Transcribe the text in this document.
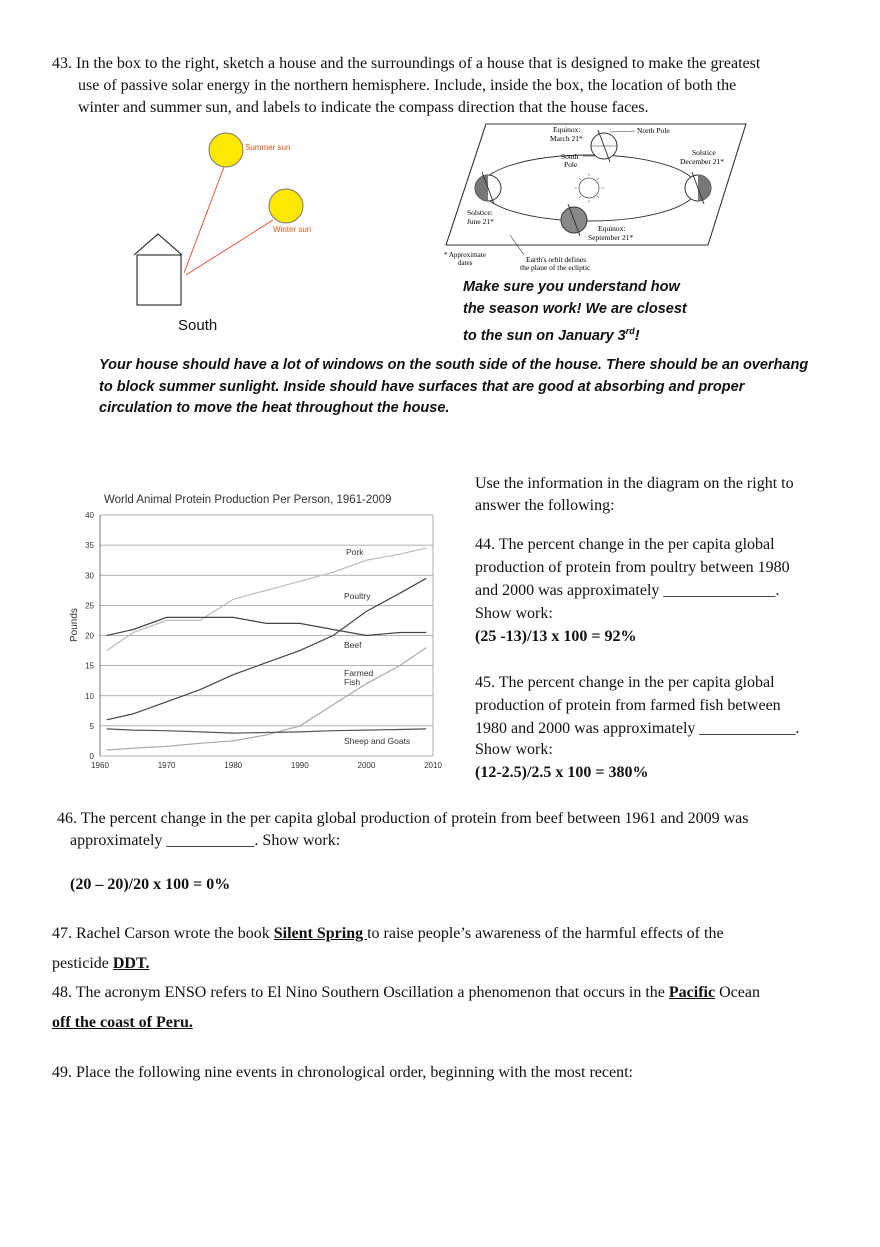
43. In the box to the right, sketch a house and the surroundings of a house that is designed to make the greatest
use of passive solar energy in the northern hemisphere. Include, inside the box, the location of both the
winter and summer sun, and labels to indicate the compass direction that the house faces.
Summer sun
Winter sun
South
Equinox:
March 21*
North Pole
South
Pole
Solstice
December 21*
Solstice:
June 21*
Equinox:
September 21*
* Approximate
dates	Earth's orbit defines
the plane of the ecliptic
Make sure you understand how
the season work! We are closest
to the sun on January 3rd!
Your house should have a lot of windows on the south side of the house. There should be an overhang
to block summer sunlight. Inside should have surfaces that are good at absorbing and proper
circulation to move the heat throughout the house.
World Animal Protein Production Per Person, 1961-2009
Pounds
0
5
10
15
20
25
30
35
40
1960	1970	1980	1990	2000	2010
Pork
Poultry
Beef
Farmed
Fish
Sheep and Goats
Use the information in the diagram on the right to
answer the following:
44. The percent change in the per capita global
production of protein from poultry between 1980
and 2000 was approximately ______________.
Show work:
(25 -13)/13 x 100 = 92%
45. The percent change in the per capita global
production of protein from farmed fish between
1980 and 2000 was approximately ____________.
Show work:
(12-2.5)/2.5 x 100 = 380%
46. The percent change in the per capita global production of protein from beef between 1961 and 2009 was
approximately ___________. Show work:
(20 – 20)/20 x 100 = 0%
47. Rachel Carson wrote the book Silent Spring to raise people’s awareness of the harmful effects of the
pesticide DDT.
48. The acronym ENSO refers to El Nino Southern Oscillation a phenomenon that occurs in the Pacific Ocean
off the coast of Peru.
49. Place the following nine events in chronological order, beginning with the most recent:
